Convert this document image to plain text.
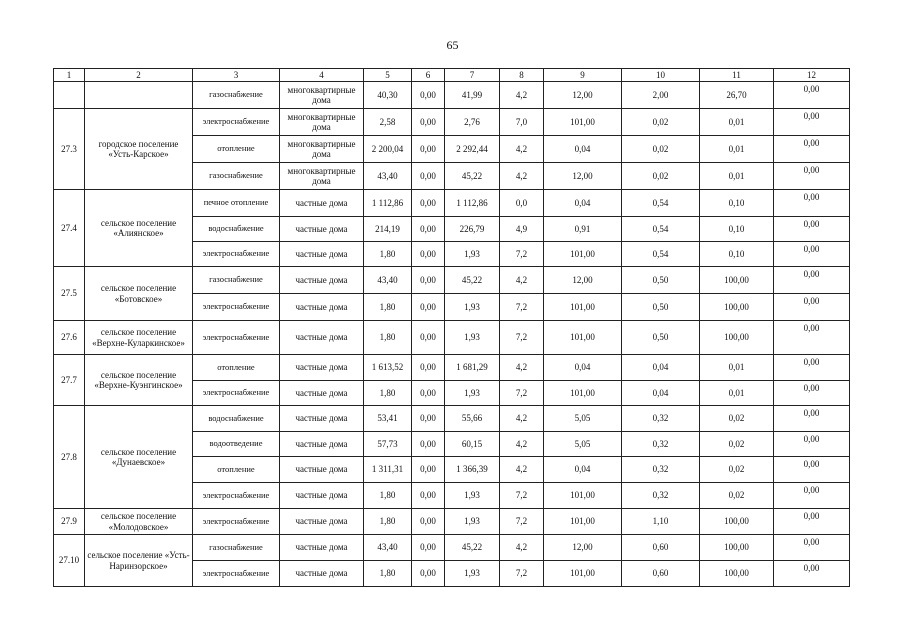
65
1	2	3	4	5	6	7	8	9	10	11	12
		газоснабжение	многоквартирные дома	40,30	0,00	41,99	4,2	12,00	2,00	26,70	0,00
27.3	городское поселение «Усть-Карское»	электроснабжение	многоквартирные дома	2,58	0,00	2,76	7,0	101,00	0,02	0,01	0,00
		отопление	многоквартирные дома	2 200,04	0,00	2 292,44	4,2	0,04	0,02	0,01	0,00
		газоснабжение	многоквартирные дома	43,40	0,00	45,22	4,2	12,00	0,02	0,01	0,00
27.4	сельское поселение «Алиянское»	печное отопление	частные дома	1 112,86	0,00	1 112,86	0,0	0,04	0,54	0,10	0,00
		водоснабжение	частные дома	214,19	0,00	226,79	4,9	0,91	0,54	0,10	0,00
		электроснабжение	частные дома	1,80	0,00	1,93	7,2	101,00	0,54	0,10	0,00
27.5	сельское поселение «Ботовское»	газоснабжение	частные дома	43,40	0,00	45,22	4,2	12,00	0,50	100,00	0,00
		электроснабжение	частные дома	1,80	0,00	1,93	7,2	101,00	0,50	100,00	0,00
27.6	сельское поселение «Верхне-Куларкинское»	электроснабжение	частные дома	1,80	0,00	1,93	7,2	101,00	0,50	100,00	0,00
27.7	сельское поселение «Верхне-Куэнгинское»	отопление	частные дома	1 613,52	0,00	1 681,29	4,2	0,04	0,04	0,01	0,00
		электроснабжение	частные дома	1,80	0,00	1,93	7,2	101,00	0,04	0,01	0,00
27.8	сельское поселение «Дунаевское»	водоснабжение	частные дома	53,41	0,00	55,66	4,2	5,05	0,32	0,02	0,00
		водоотведение	частные дома	57,73	0,00	60,15	4,2	5,05	0,32	0,02	0,00
		отопление	частные дома	1 311,31	0,00	1 366,39	4,2	0,04	0,32	0,02	0,00
		электроснабжение	частные дома	1,80	0,00	1,93	7,2	101,00	0,32	0,02	0,00
27.9	сельское поселение «Молодовское»	электроснабжение	частные дома	1,80	0,00	1,93	7,2	101,00	1,10	100,00	0,00
27.10	сельское поселение «Усть-Наринзорское»	газоснабжение	частные дома	43,40	0,00	45,22	4,2	12,00	0,60	100,00	0,00
		электроснабжение	частные дома	1,80	0,00	1,93	7,2	101,00	0,60	100,00	0,00
